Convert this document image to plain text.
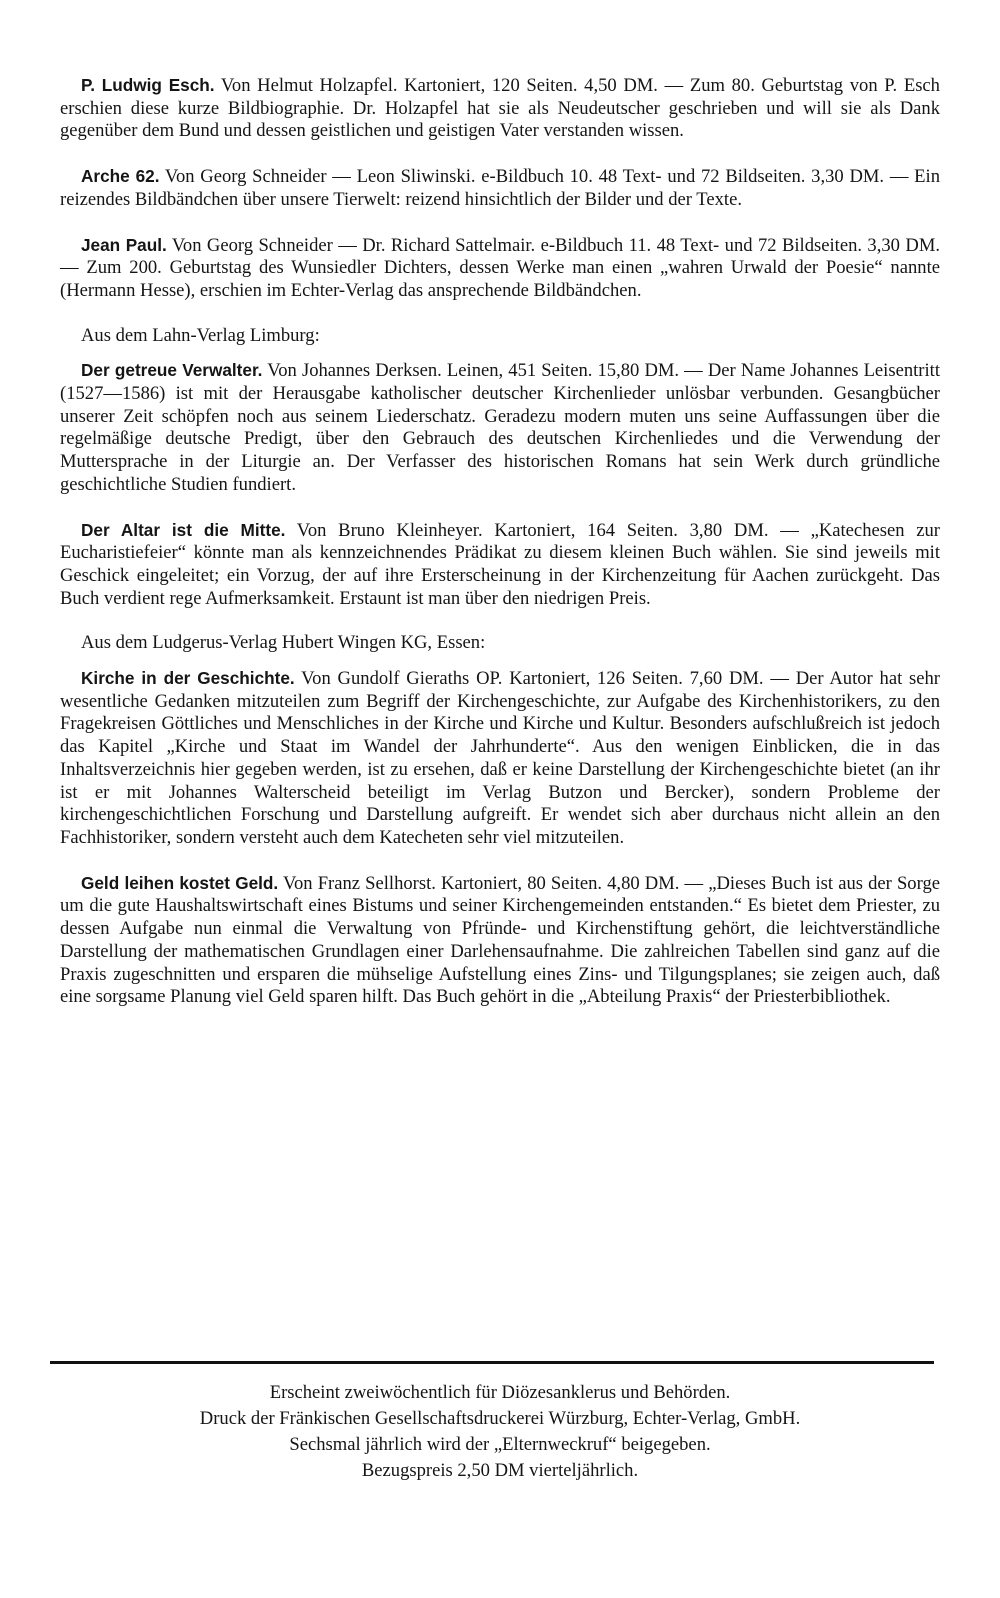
P. Ludwig Esch. Von Helmut Holzapfel. Kartoniert, 120 Seiten. 4,50 DM. — Zum 80. Geburtstag von P. Esch erschien diese kurze Bildbiographie. Dr. Holzapfel hat sie als Neudeutscher geschrieben und will sie als Dank gegenüber dem Bund und dessen geistlichen und geistigen Vater verstanden wissen.

Arche 62. Von Georg Schneider — Leon Sliwinski. e-Bildbuch 10. 48 Text- und 72 Bildseiten. 3,30 DM. — Ein reizendes Bildbändchen über unsere Tierwelt: reizend hinsichtlich der Bilder und der Texte.

Jean Paul. Von Georg Schneider — Dr. Richard Sattelmair. e-Bildbuch 11. 48 Text- und 72 Bildseiten. 3,30 DM. — Zum 200. Geburtstag des Wunsiedler Dichters, dessen Werke man einen „wahren Urwald der Poesie“ nannte (Hermann Hesse), erschien im Echter-Verlag das ansprechende Bildbändchen.

Aus dem Lahn-Verlag Limburg:

Der getreue Verwalter. Von Johannes Derksen. Leinen, 451 Seiten. 15,80 DM. — Der Name Johannes Leisentritt (1527—1586) ist mit der Herausgabe katholischer deutscher Kirchenlieder unlösbar verbunden. Gesangbücher unserer Zeit schöpfen noch aus seinem Liederschatz. Geradezu modern muten uns seine Auffassungen über die regelmäßige deutsche Predigt, über den Gebrauch des deutschen Kirchenliedes und die Verwendung der Muttersprache in der Liturgie an. Der Verfasser des historischen Romans hat sein Werk durch gründliche geschichtliche Studien fundiert.

Der Altar ist die Mitte. Von Bruno Kleinheyer. Kartoniert, 164 Seiten. 3,80 DM. — „Katechesen zur Eucharistiefeier“ könnte man als kennzeichnendes Prädikat zu diesem kleinen Buch wählen. Sie sind jeweils mit Geschick eingeleitet; ein Vorzug, der auf ihre Ersterscheinung in der Kirchenzeitung für Aachen zurückgeht. Das Buch verdient rege Aufmerksamkeit. Erstaunt ist man über den niedrigen Preis.

Aus dem Ludgerus-Verlag Hubert Wingen KG, Essen:

Kirche in der Geschichte. Von Gundolf Gieraths OP. Kartoniert, 126 Seiten. 7,60 DM. — Der Autor hat sehr wesentliche Gedanken mitzuteilen zum Begriff der Kirchengeschichte, zur Aufgabe des Kirchenhistorikers, zu den Fragekreisen Göttliches und Menschliches in der Kirche und Kirche und Kultur. Besonders aufschlußreich ist jedoch das Kapitel „Kirche und Staat im Wandel der Jahrhunderte“. Aus den wenigen Einblicken, die in das Inhaltsverzeichnis hier gegeben werden, ist zu ersehen, daß er keine Darstellung der Kirchengeschichte bietet (an ihr ist er mit Johannes Walterscheid beteiligt im Verlag Butzon und Bercker), sondern Probleme der kirchengeschichtlichen Forschung und Darstellung aufgreift. Er wendet sich aber durchaus nicht allein an den Fachhistoriker, sondern versteht auch dem Katecheten sehr viel mitzuteilen.

Geld leihen kostet Geld. Von Franz Sellhorst. Kartoniert, 80 Seiten. 4,80 DM. — „Dieses Buch ist aus der Sorge um die gute Haushaltswirtschaft eines Bistums und seiner Kirchengemeinden entstanden.“ Es bietet dem Priester, zu dessen Aufgabe nun einmal die Verwaltung von Pfründe- und Kirchenstiftung gehört, die leichtverständliche Darstellung der mathematischen Grundlagen einer Darlehensaufnahme. Die zahlreichen Tabellen sind ganz auf die Praxis zugeschnitten und ersparen die mühselige Aufstellung eines Zins- und Tilgungsplanes; sie zeigen auch, daß eine sorgsame Planung viel Geld sparen hilft. Das Buch gehört in die „Abteilung Praxis“ der Priesterbibliothek.

Erscheint zweiwöchentlich für Diözesanklerus und Behörden.
Druck der Fränkischen Gesellschaftsdruckerei Würzburg, Echter-Verlag, GmbH.
Sechsmal jährlich wird der „Elternweckruf“ beigegeben.
Bezugspreis 2,50 DM vierteljährlich.
